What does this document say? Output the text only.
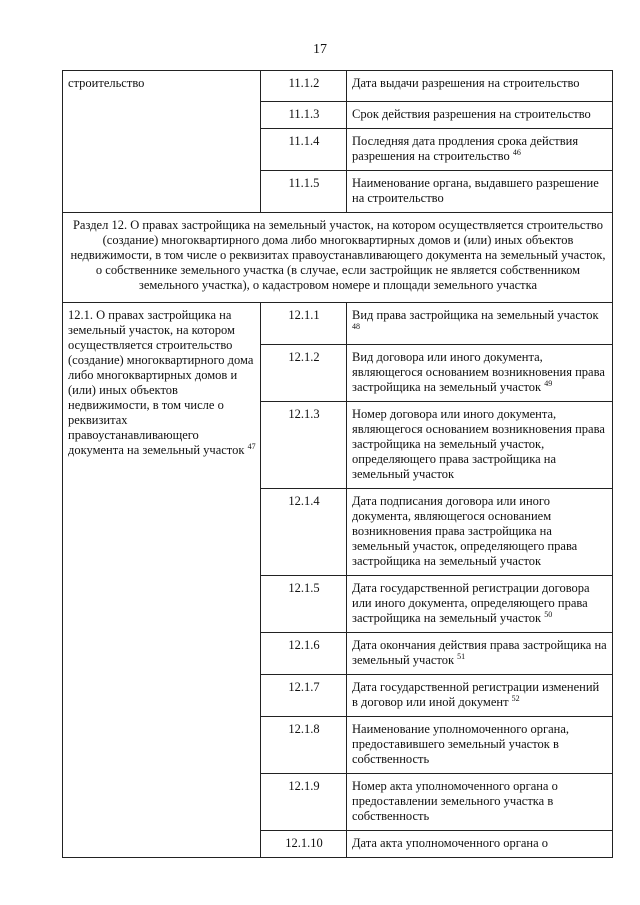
17
строительство	11.1.2	Дата выдачи разрешения на строительство
	11.1.3	Срок действия разрешения на строительство
	11.1.4	Последняя дата продления срока действия разрешения на строительство $^{46}$
	11.1.5	Наименование органа, выдавшего разрешение на строительство
Раздел 12. О правах застройщика на земельный участок, на котором осуществляется строительство (создание) многоквартирного дома либо многоквартирных домов и (или) иных объектов недвижимости, в том числе о реквизитах правоустанавливающего документа на земельный участок, о собственнике земельного участка (в случае, если застройщик не является собственником земельного участка), о кадастровом номере и площади земельного участка		
12.1. О правах застройщика на земельный участок, на котором осуществляется строительство (создание) многоквартирного дома либо многоквартирных домов и (или) иных объектов недвижимости, в том числе о реквизитах правоустанавливающего документа на земельный участок $^{47}$	12.1.1	Вид права застройщика на земельный участок $^{48}$
	12.1.2	Вид договора или иного документа, являющегося основанием возникновения права застройщика на земельный участок $^{49}$
	12.1.3	Номер договора или иного документа, являющегося основанием возникновения права застройщика на земельный участок, определяющего права застройщика на земельный участок
	12.1.4	Дата подписания договора или иного документа, являющегося основанием возникновения права застройщика на земельный участок, определяющего права застройщика на земельный участок
	12.1.5	Дата государственной регистрации договора или иного документа, определяющего права застройщика на земельный участок $^{50}$
	12.1.6	Дата окончания действия права застройщика на земельный участок $^{51}$
	12.1.7	Дата государственной регистрации изменений в договор или иной документ $^{52}$
	12.1.8	Наименование уполномоченного органа, предоставившего земельный участок в собственность
	12.1.9	Номер акта уполномоченного органа о предоставлении земельного участка в собственность
	12.1.10	Дата акта уполномоченного органа о
